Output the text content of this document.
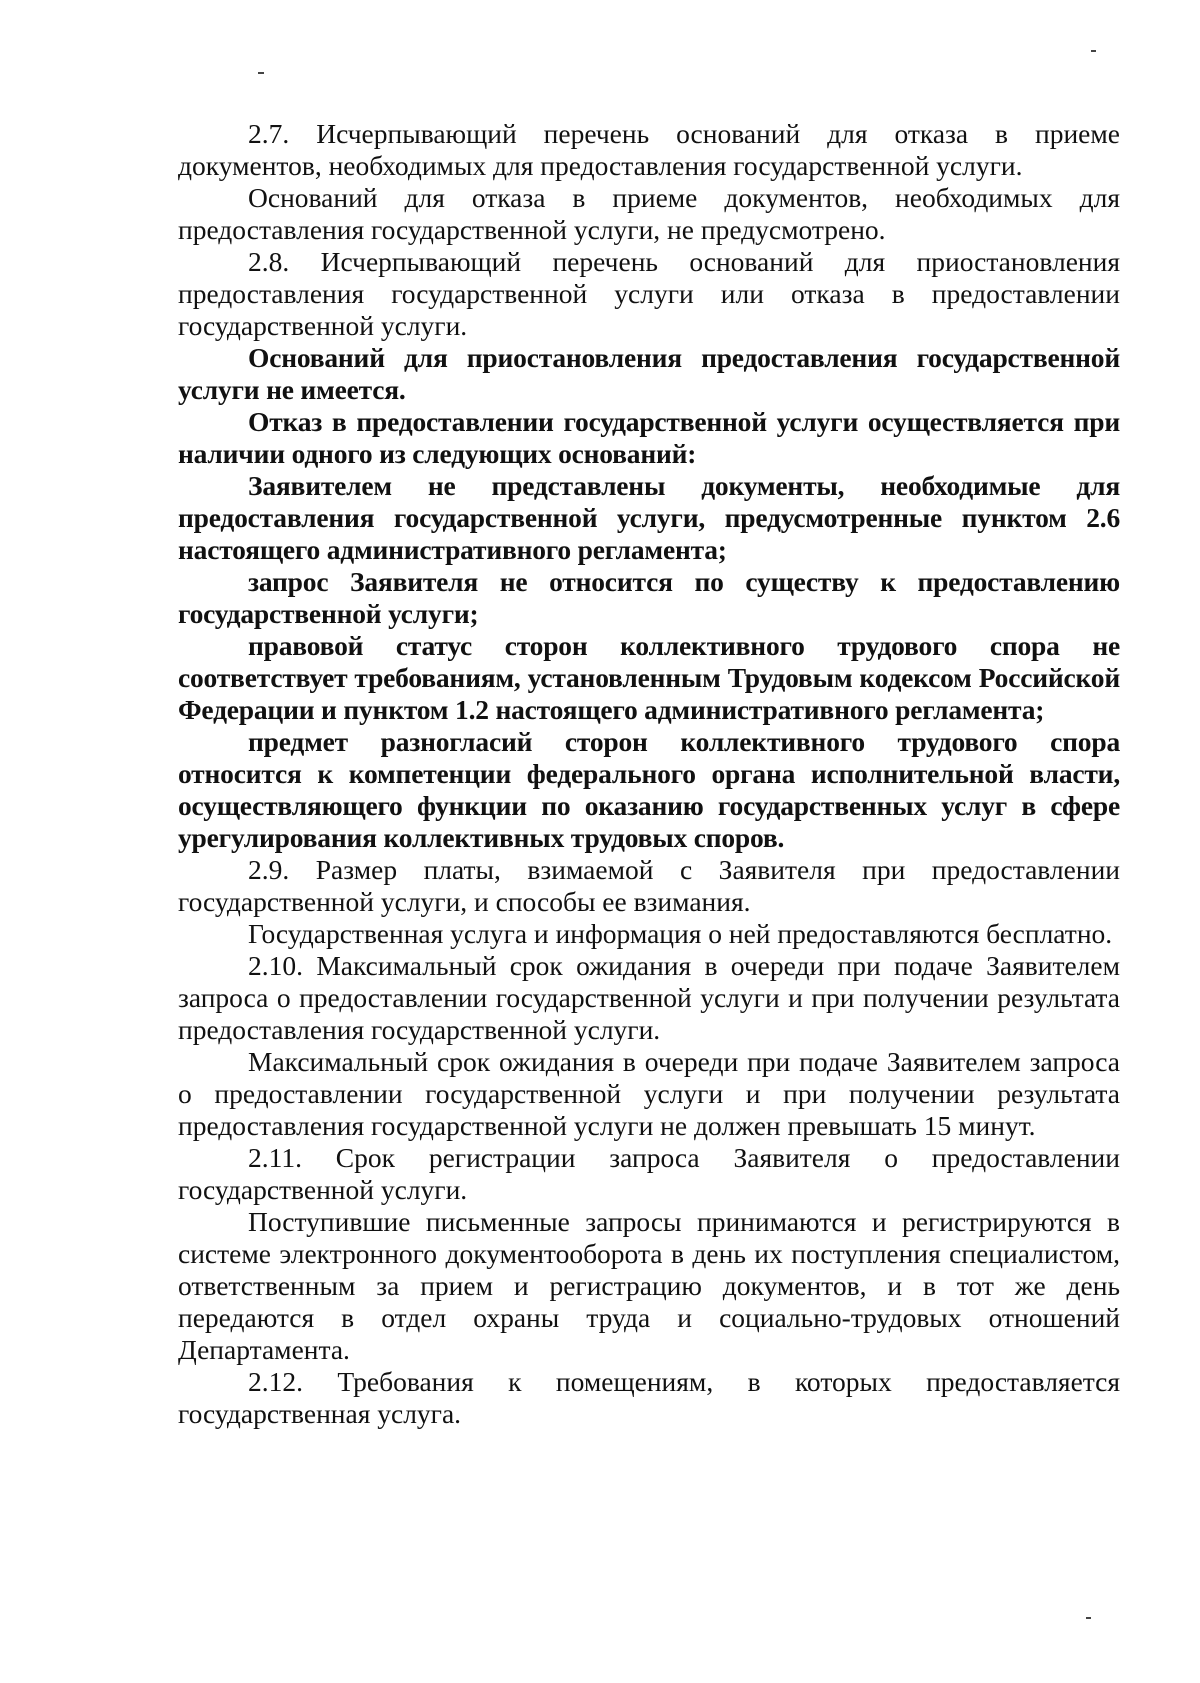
2.7. Исчерпывающий перечень оснований для отказа в приеме документов, необходимых для предоставления государственной услуги.

Оснований для отказа в приеме документов, необходимых для предоставления государственной услуги, не предусмотрено.

2.8. Исчерпывающий перечень оснований для приостановления предоставления государственной услуги или отказа в предоставлении государственной услуги.

Оснований для приостановления предоставления государственной услуги не имеется.

Отказ в предоставлении государственной услуги осуществляется при наличии одного из следующих оснований:

Заявителем не представлены документы, необходимые для предоставления государственной услуги, предусмотренные пунктом 2.6 настоящего административного регламента;

запрос Заявителя не относится по существу к предоставлению государственной услуги;

правовой статус сторон коллективного трудового спора не соответствует требованиям, установленным Трудовым кодексом Российской Федерации и пунктом 1.2 настоящего административного регламента;

предмет разногласий сторон коллективного трудового спора относится к компетенции федерального органа исполнительной власти, осуществляющего функции по оказанию государственных услуг в сфере урегулирования коллективных трудовых споров.

2.9. Размер платы, взимаемой с Заявителя при предоставлении государственной услуги, и способы ее взимания.

Государственная услуга и информация о ней предоставляются бесплатно.

2.10. Максимальный срок ожидания в очереди при подаче Заявителем запроса о предоставлении государственной услуги и при получении результата предоставления государственной услуги.

Максимальный срок ожидания в очереди при подаче Заявителем запроса о предоставлении государственной услуги и при получении результата предоставления государственной услуги не должен превышать 15 минут.

2.11. Срок регистрации запроса Заявителя о предоставлении государственной услуги.

Поступившие письменные запросы принимаются и регистрируются в системе электронного документооборота в день их поступления специалистом, ответственным за прием и регистрацию документов, и в тот же день передаются в отдел охраны труда и социально-трудовых отношений Департамента.

2.12. Требования к помещениям, в которых предоставляется государственная услуга.
